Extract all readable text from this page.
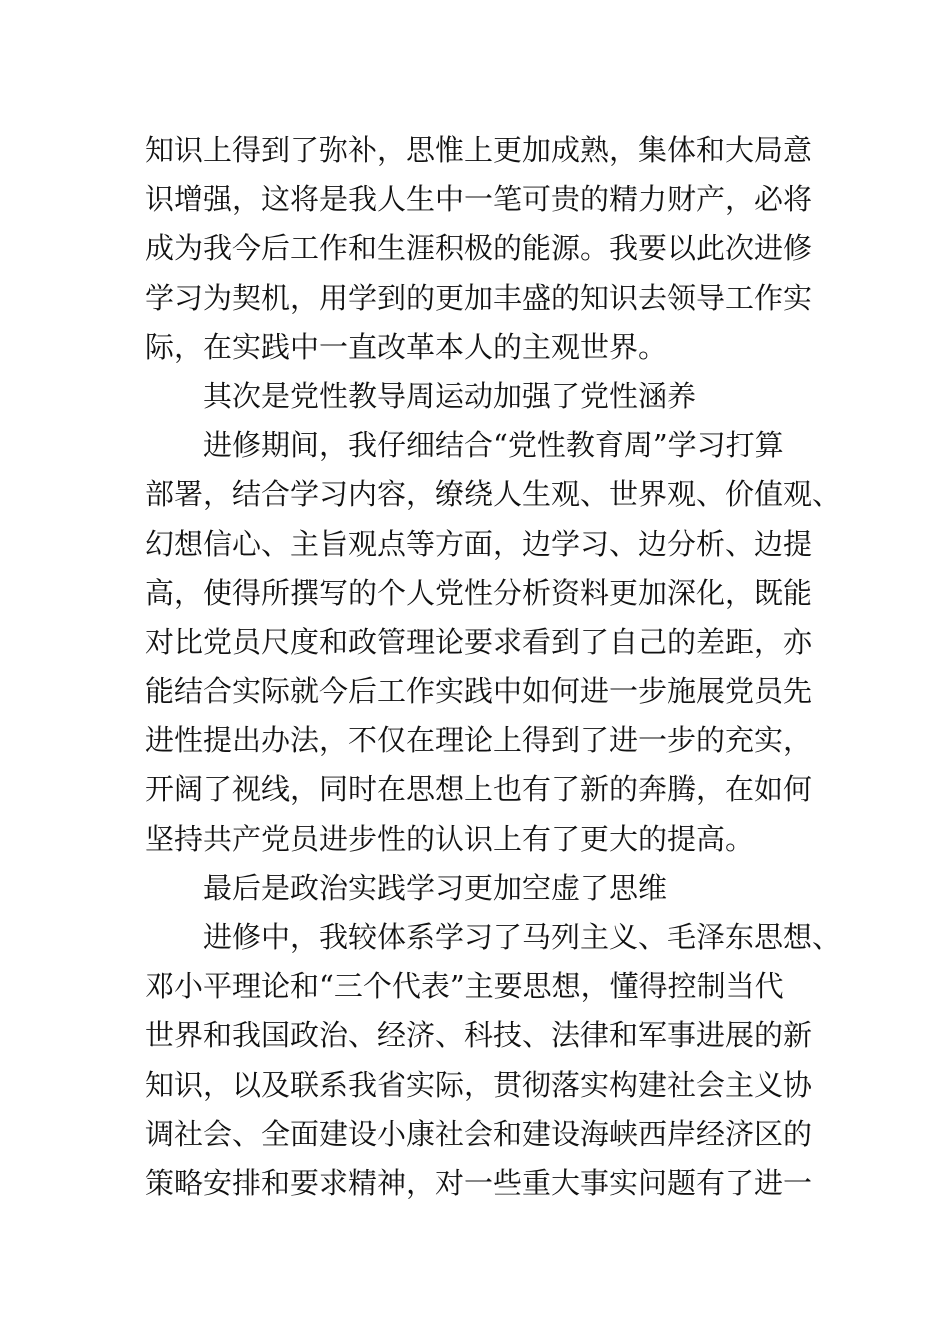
知识上得到了弥补，思惟上更加成熟，集体和大局意
识增强，这将是我人生中一笔可贵的精力财产，必将
成为我今后工作和生涯积极的能源。我要以此次进修
学习为契机，用学到的更加丰盛的知识去领导工作实
际，在实践中一直改革本人的主观世界。
其次是党性教导周运动加强了党性涵养
进修期间，我仔细结合“党性教育周”学习打算
部署，结合学习内容，缭绕人生观、世界观、价值观、
幻想信心、主旨观点等方面，边学习、边分析、边提
高，使得所撰写的个人党性分析资料更加深化，既能
对比党员尺度和政管理论要求看到了自己的差距，亦
能结合实际就今后工作实践中如何进一步施展党员先
进性提出办法，不仅在理论上得到了进一步的充实，
开阔了视线，同时在思想上也有了新的奔腾，在如何
坚持共产党员进步性的认识上有了更大的提高。
最后是政治实践学习更加空虚了思维
进修中，我较体系学习了马列主义、毛泽东思想、
邓小平理论和“三个代表”主要思想，懂得控制当代
世界和我国政治、经济、科技、法律和军事进展的新
知识，以及联系我省实际，贯彻落实构建社会主义协
调社会、全面建设小康社会和建设海峡西岸经济区的
策略安排和要求精神，对一些重大事实问题有了进一
